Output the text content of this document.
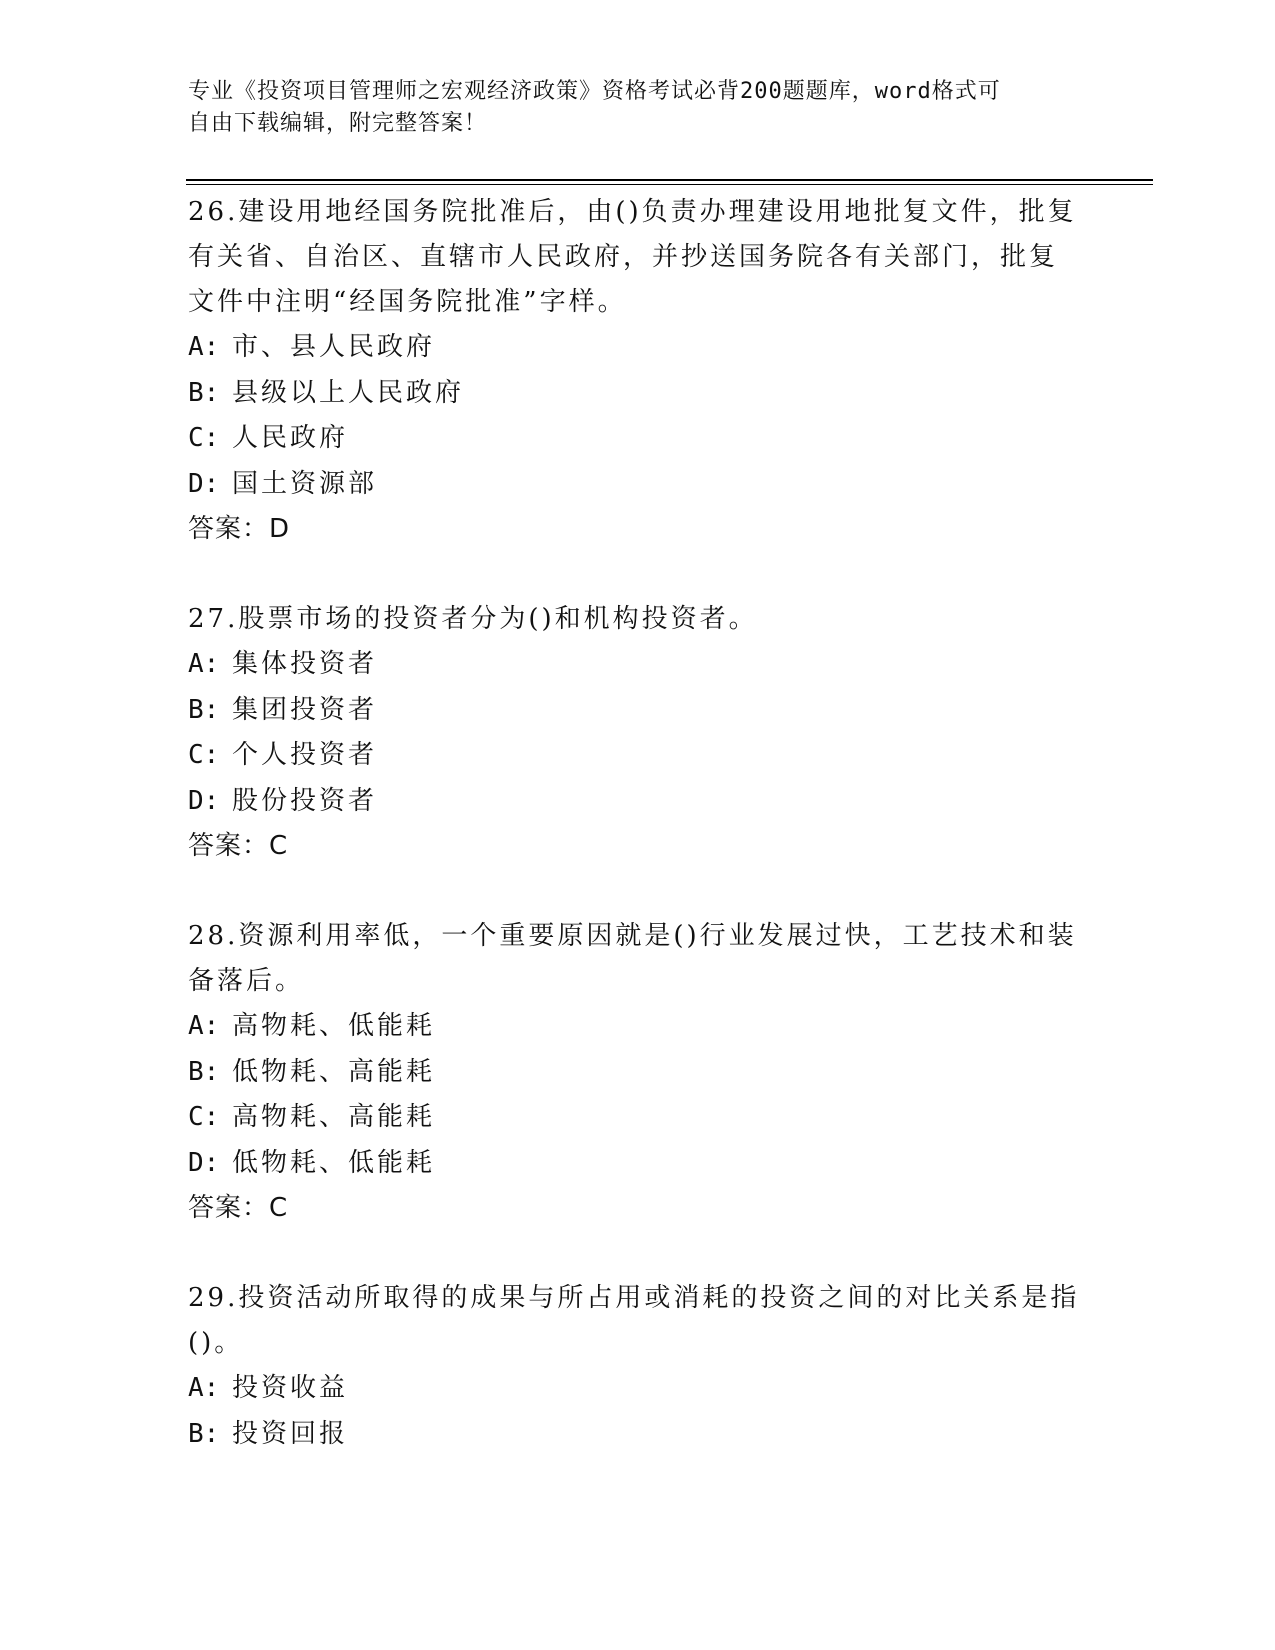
专业《投资项目管理师之宏观经济政策》资格考试必背200题题库，word格式可
自由下载编辑，附完整答案！
26.建设用地经国务院批准后，由()负责办理建设用地批复文件，批复
有关省、自治区、直辖市人民政府，并抄送国务院各有关部门，批复
文件中注明“经国务院批准”字样。
A: 市、县人民政府
B: 县级以上人民政府
C: 人民政府
D: 国土资源部
答案：D
27.股票市场的投资者分为()和机构投资者。
A: 集体投资者
B: 集团投资者
C: 个人投资者
D: 股份投资者
答案：C
28.资源利用率低，一个重要原因就是()行业发展过快，工艺技术和装
备落后。
A: 高物耗、低能耗
B: 低物耗、高能耗
C: 高物耗、高能耗
D: 低物耗、低能耗
答案：C
29.投资活动所取得的成果与所占用或消耗的投资之间的对比关系是指
()。
A: 投资收益
B: 投资回报
